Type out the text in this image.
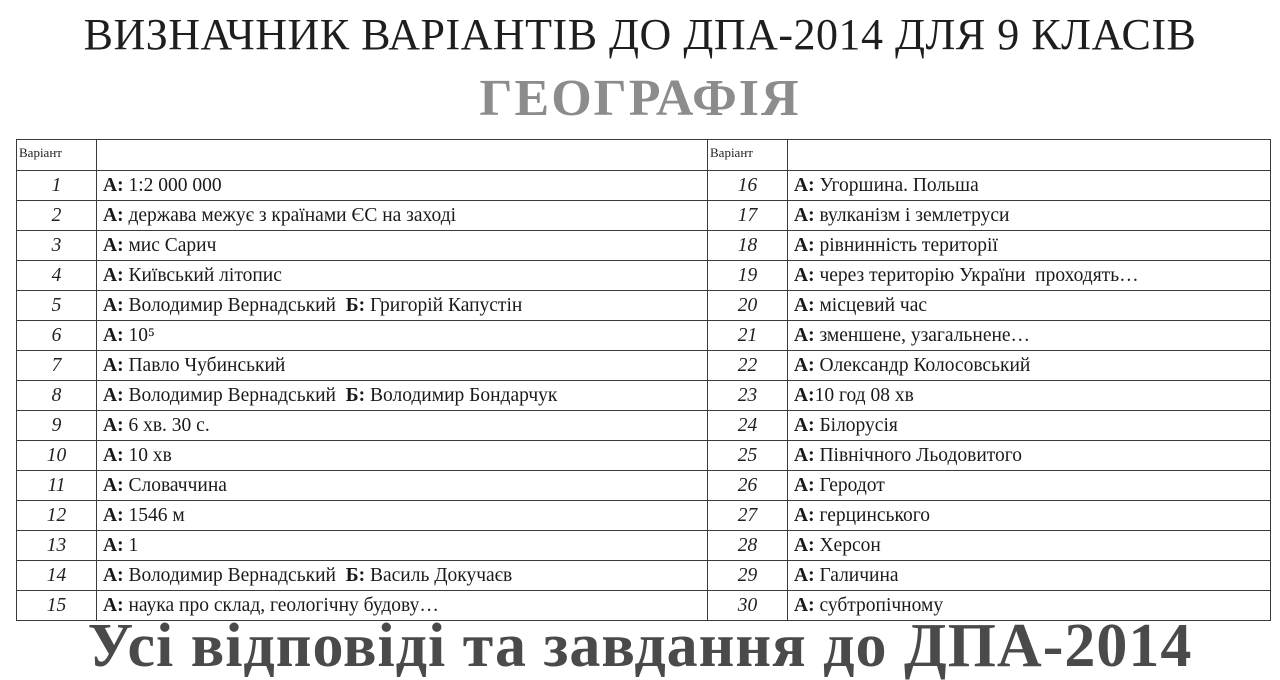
ВИЗНАЧНИК ВАРІАНТІВ ДО ДПА-2014 ДЛЯ 9 КЛАСІВ
ГЕОГРАФІЯ
Варіант		Варіант	
1	А: 1:2 000 000	16	А: Угоршина. Польша
2	А: держава межує з країнами ЄС на заході	17	А: вулканізм і землетруси
3	А: мис Сарич	18	А: рівнинність території
4	А: Київський літопис	19	А: через територію України  проходять…
5	А: Володимир Вернадський  Б: Григорій Капустін	20	А: місцевий час
6	А: 10⁵	21	А: зменшене, узагальнене…
7	А: Павло Чубинський	22	А: Олександр Колосовський
8	А: Володимир Вернадський  Б: Володимир Бондарчук	23	А:10 год 08 хв
9	А: 6 хв. 30 с.	24	А: Білорусія
10	А: 10 хв	25	А: Північного Льодовитого
11	А: Словаччина	26	А: Геродот
12	А: 1546 м	27	А: герцинського
13	А: 1	28	А: Херсон
14	А: Володимир Вернадський  Б: Василь Докучаєв	29	А: Галичина
15	А: наука про склад, геологічну будову…	30	А: субтропічному
Усі відповіді та завдання до ДПА-2014
